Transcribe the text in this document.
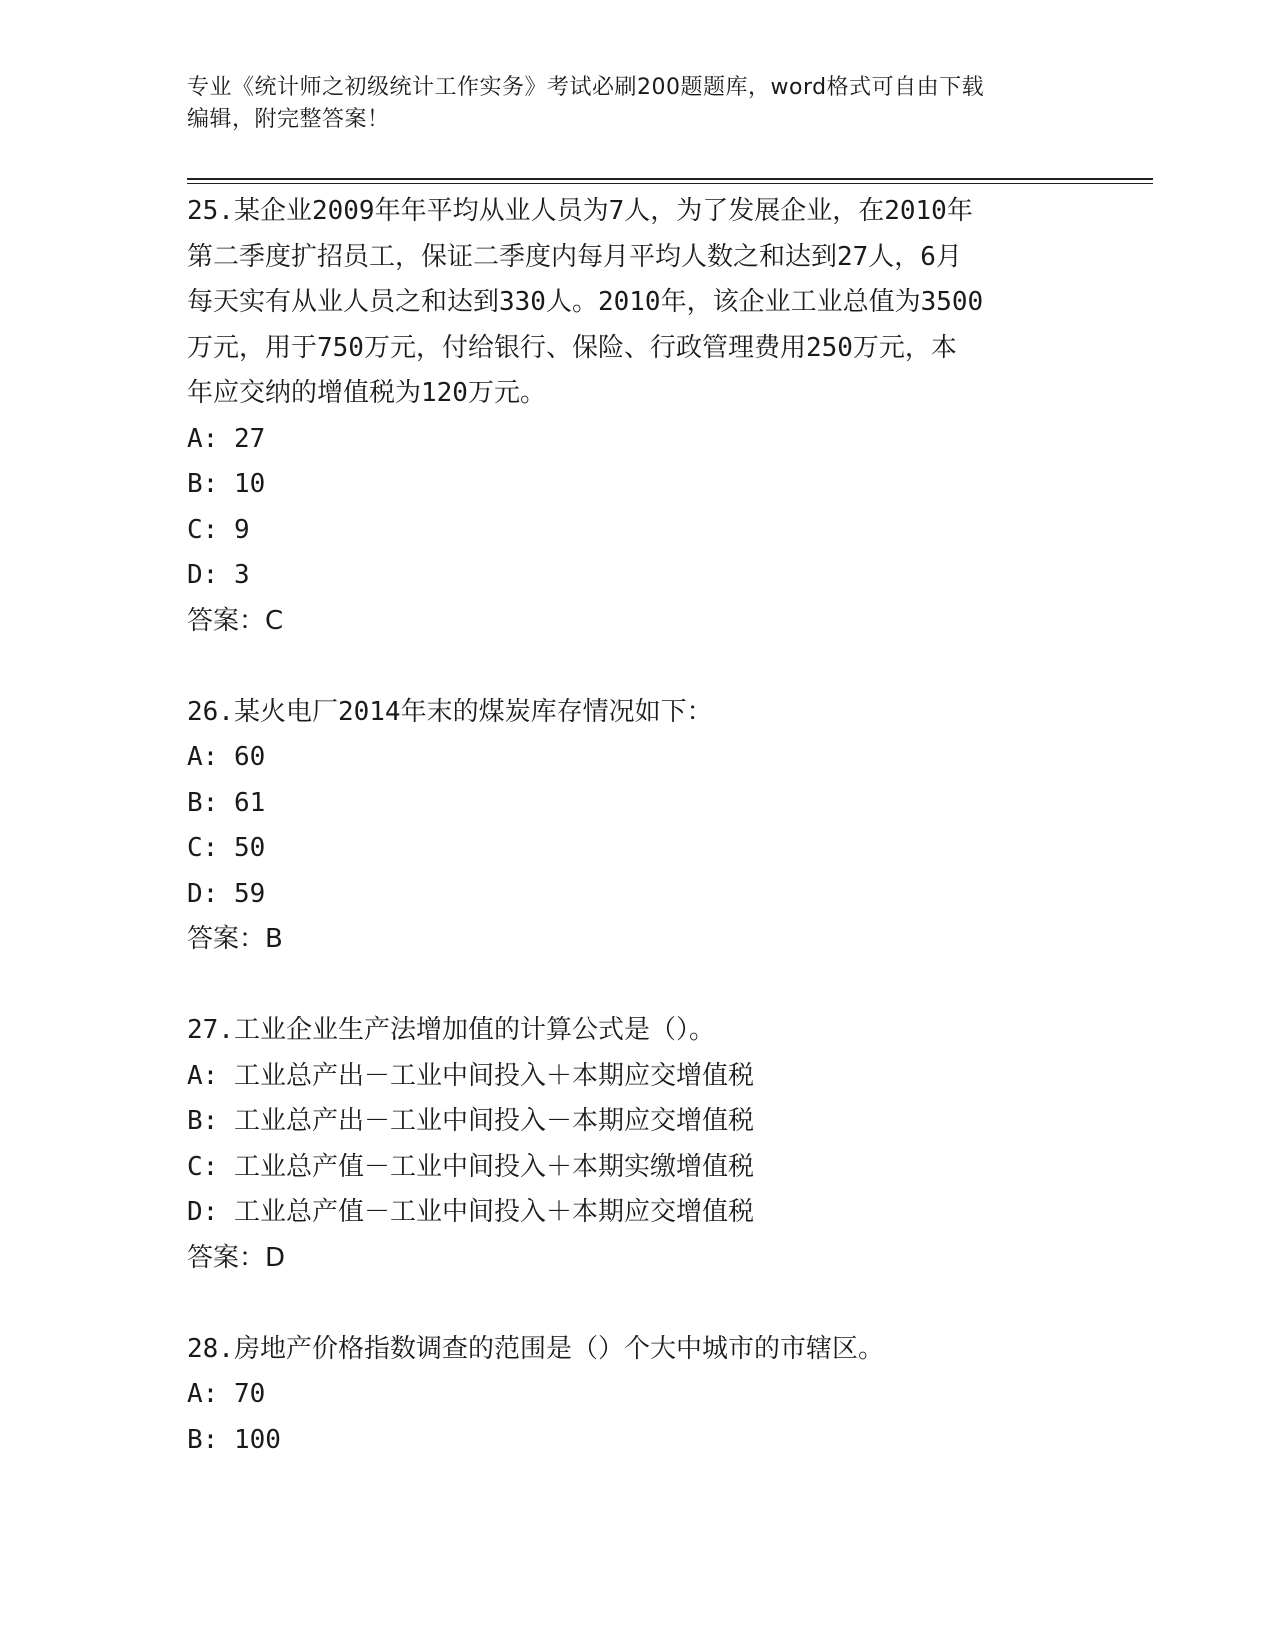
专业《统计师之初级统计工作实务》考试必刷200题题库，word格式可自由下载
编辑，附完整答案！
25.某企业2009年年平均从业人员为7人，为了发展企业，在2010年
第二季度扩招员工，保证二季度内每月平均人数之和达到27人，6月
每天实有从业人员之和达到330人。2010年，该企业工业总值为3500
万元，用于750万元，付给银行、保险、行政管理费用250万元，本
年应交纳的增值税为120万元。
A: 27
B: 10
C: 9
D: 3
答案：C
26.某火电厂2014年末的煤炭库存情况如下：
A: 60
B: 61
C: 50
D: 59
答案：B
27.工业企业生产法增加值的计算公式是（）。
A: 工业总产出－工业中间投入＋本期应交增值税
B: 工业总产出－工业中间投入－本期应交增值税
C: 工业总产值－工业中间投入＋本期实缴增值税
D: 工业总产值－工业中间投入＋本期应交增值税
答案：D
28.房地产价格指数调查的范围是（）个大中城市的市辖区。
A: 70
B: 100
